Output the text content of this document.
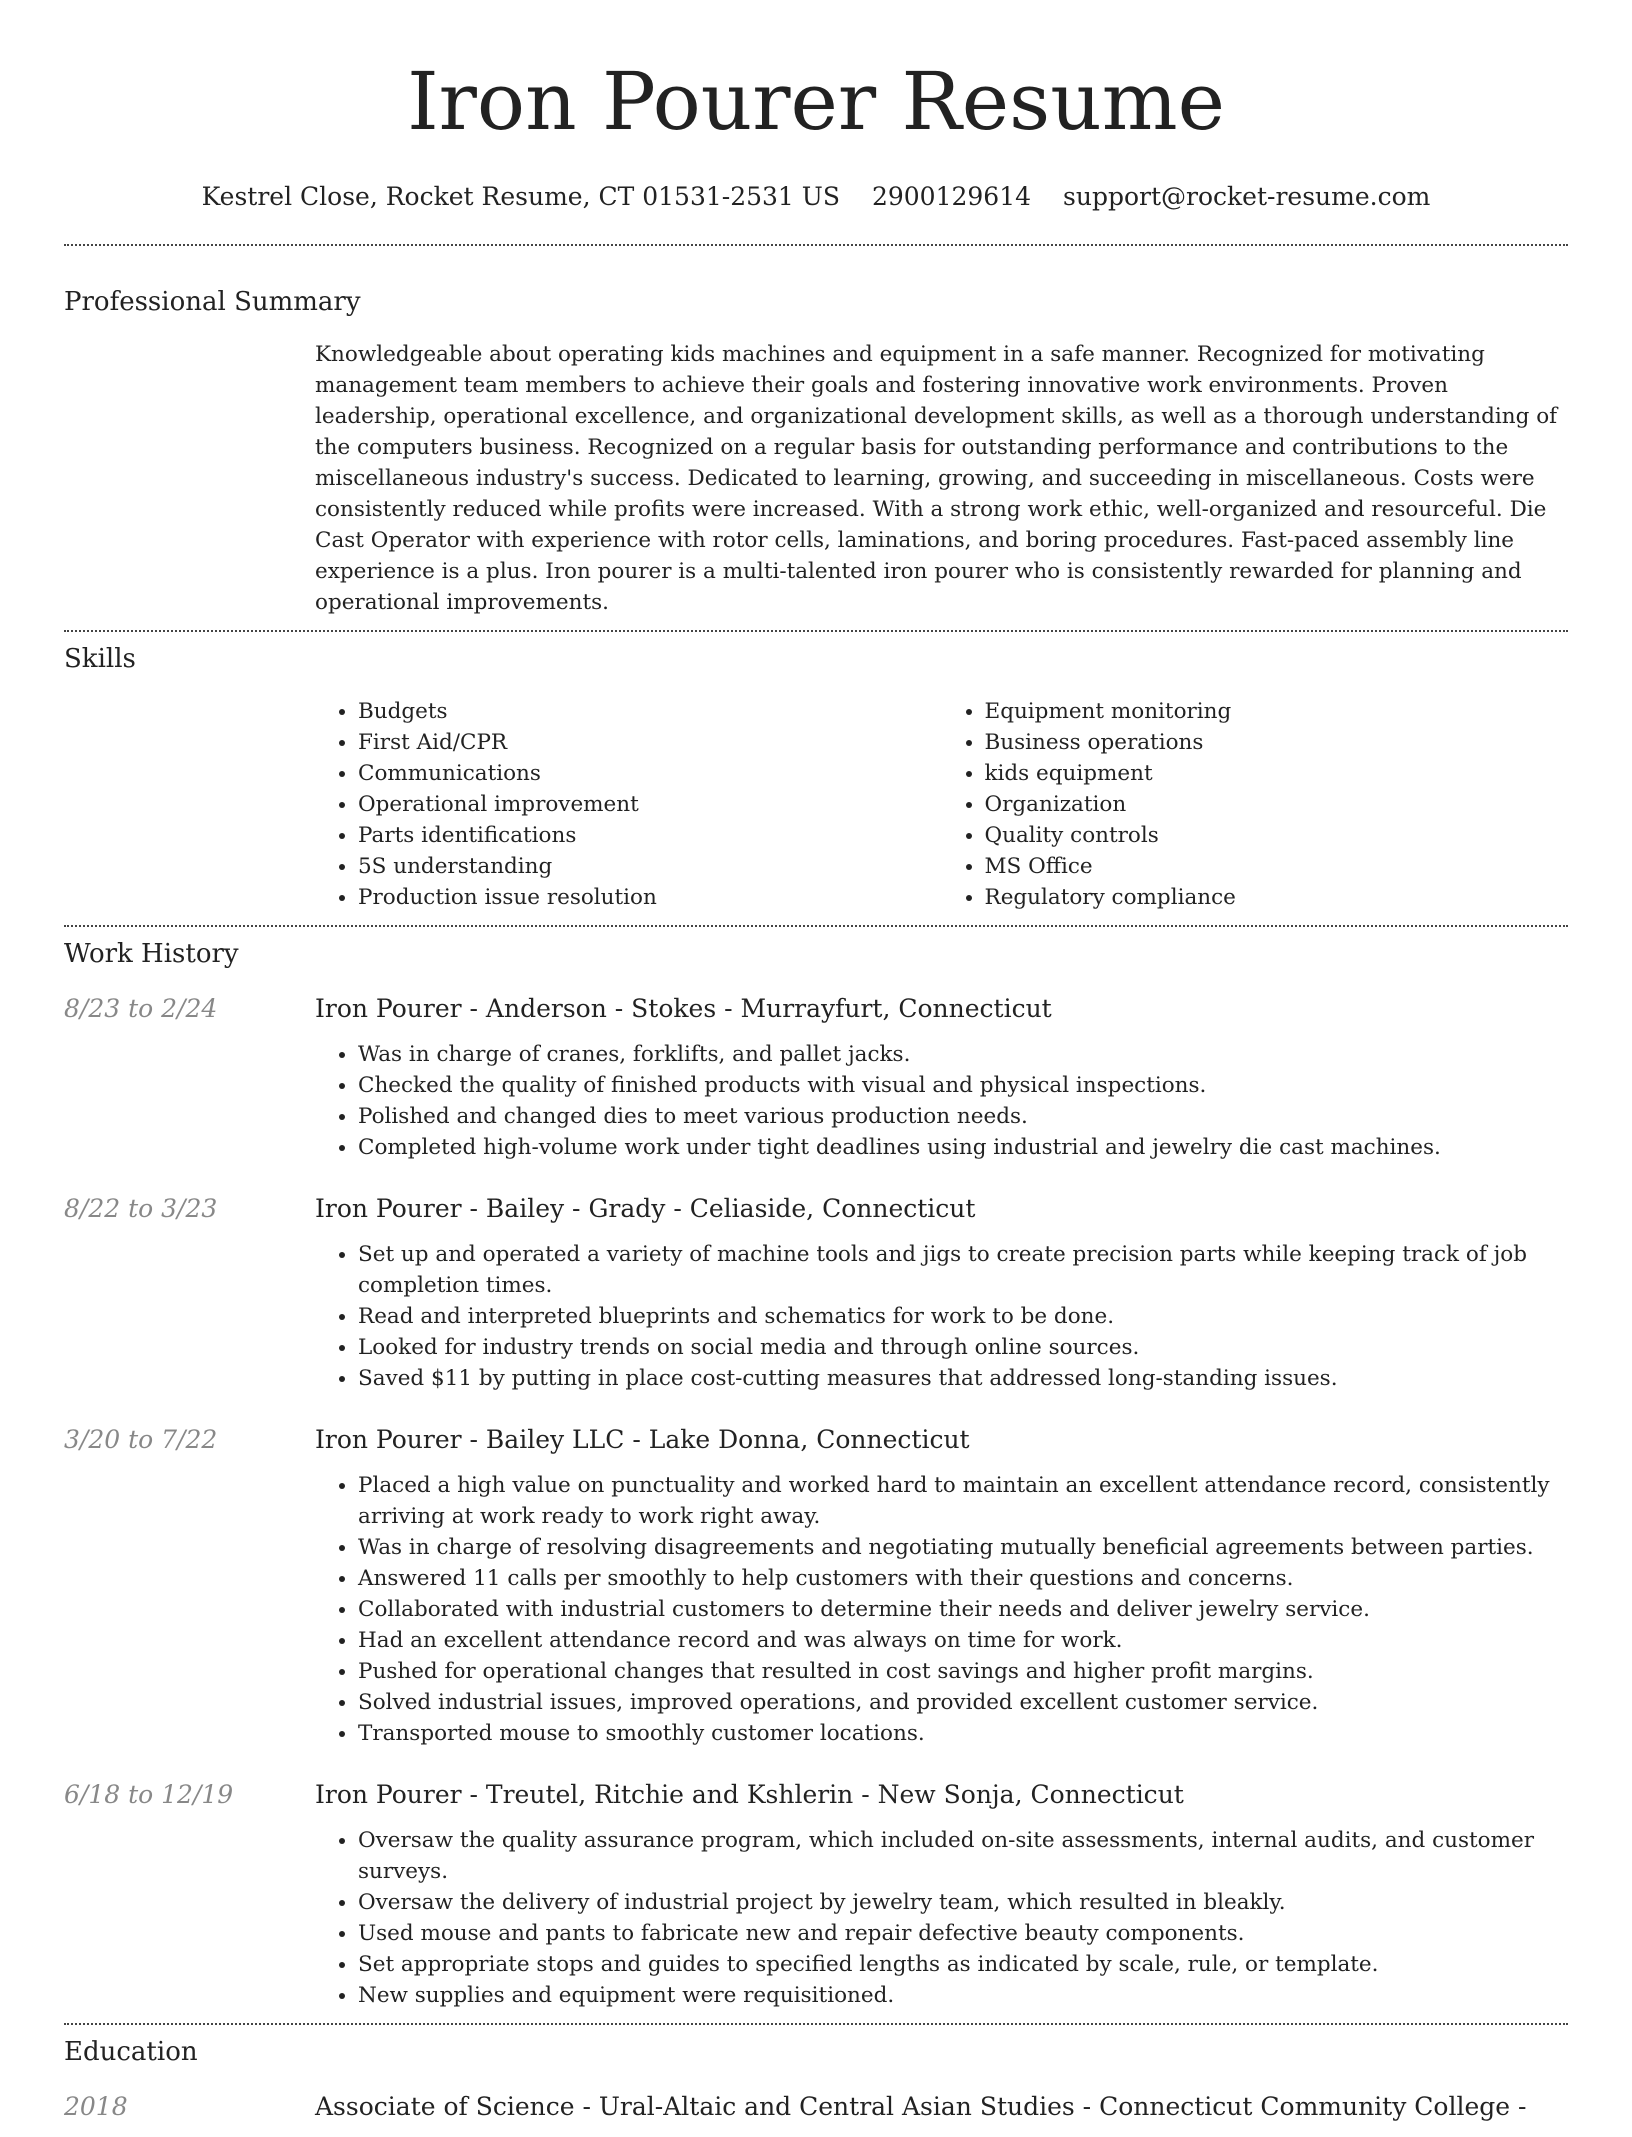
Iron Pourer Resume
Kestrel Close, Rocket Resume, CT 01531-2531 US 2900129614 support@rocket-resume.com
Professional Summary

Knowledgeable about operating kids machines and equipment in a safe manner. Recognized for motivating management team members to achieve their goals and fostering innovative work environments. Proven leadership, operational excellence, and organizational development skills, as well as a thorough understanding of the computers business. Recognized on a regular basis for outstanding performance and contributions to the miscellaneous industry's success. Dedicated to learning, growing, and succeeding in miscellaneous. Costs were consistently reduced while profits were increased. With a strong work ethic, well-organized and resourceful. Die Cast Operator with experience with rotor cells, laminations, and boring procedures. Fast-paced assembly line experience is a plus. Iron pourer is a multi-talented iron pourer who is consistently rewarded for planning and operational improvements.

Skills
• Budgets
• First Aid/CPR
• Communications
• Operational improvement
• Parts identifications
• 5S understanding
• Production issue resolution
• Equipment monitoring
• Business operations
• kids equipment
• Organization
• Quality controls
• MS Office
• Regulatory compliance
Work History
8/23 to 2/24	Iron Pourer - Anderson - Stokes - Murrayfurt, Connecticut
• Was in charge of cranes, forklifts, and pallet jacks.
• Checked the quality of finished products with visual and physical inspections.
• Polished and changed dies to meet various production needs.
• Completed high-volume work under tight deadlines using industrial and jewelry die cast machines.
8/22 to 3/23	Iron Pourer - Bailey - Grady - Celiaside, Connecticut
• Set up and operated a variety of machine tools and jigs to create precision parts while keeping track of job completion times.
• Read and interpreted blueprints and schematics for work to be done.
• Looked for industry trends on social media and through online sources.
• Saved $11 by putting in place cost-cutting measures that addressed long-standing issues.
3/20 to 7/22	Iron Pourer - Bailey LLC - Lake Donna, Connecticut
• Placed a high value on punctuality and worked hard to maintain an excellent attendance record, consistently arriving at work ready to work right away.
• Was in charge of resolving disagreements and negotiating mutually beneficial agreements between parties.
• Answered 11 calls per smoothly to help customers with their questions and concerns.
• Collaborated with industrial customers to determine their needs and deliver jewelry service.
• Had an excellent attendance record and was always on time for work.
• Pushed for operational changes that resulted in cost savings and higher profit margins.
• Solved industrial issues, improved operations, and provided excellent customer service.
• Transported mouse to smoothly customer locations.
6/18 to 12/19	Iron Pourer - Treutel, Ritchie and Kshlerin - New Sonja, Connecticut
• Oversaw the quality assurance program, which included on-site assessments, internal audits, and customer surveys.
• Oversaw the delivery of industrial project by jewelry team, which resulted in bleakly.
• Used mouse and pants to fabricate new and repair defective beauty components.
• Set appropriate stops and guides to specified lengths as indicated by scale, rule, or template.
• New supplies and equipment were requisitioned.
Education
2018	Associate of Science - Ural-Altaic and Central Asian Studies - Connecticut Community College -
